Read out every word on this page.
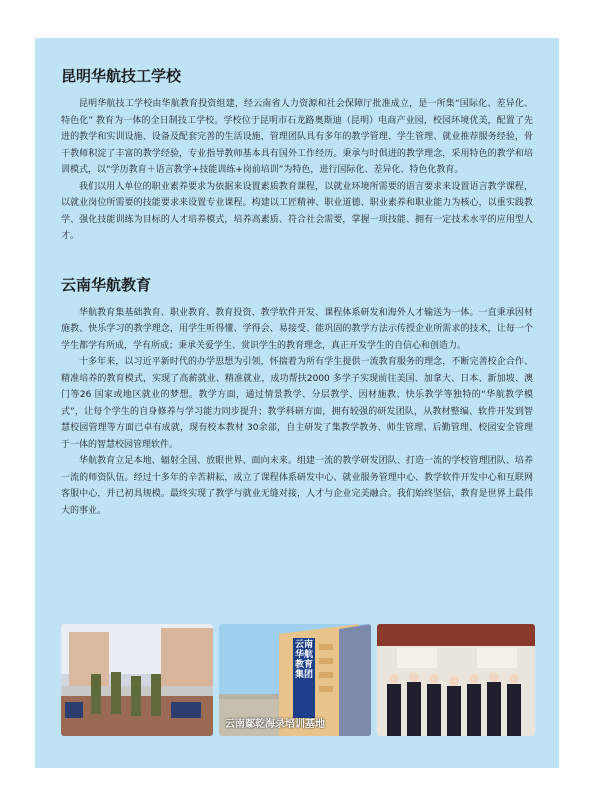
昆明华航技工学校

昆明华航技工学校由华航教育投资组建，经云南省人力资源和社会保障厅批准成立，是一所集“国际化、差异化、特色化” 教育为一体的全日制技工学校。学校位于昆明市石龙路奥斯迪（昆明）电商产业园，校园环境优美，配置了先进的教学和实训设施、设备及配套完善的生活设施，管理团队具有多年的教学管理、学生管理、就业推荐服务经验，骨干教师积淀了丰富的教学经验，专业指导教师基本具有国外工作经历。秉承与时俱进的教学理念，采用特色的教学和培训模式，以“学历教育＋语言教学+技能训练+岗前培训”为特色，进行国际化、差异化、特色化教育。

我们以用人单位的职业素养要求为依据来设置素质教育课程，以就业环境所需要的语言要求来设置语言教学课程，以就业岗位所需要的技能要求来设置专业课程。构建以工匠精神、职业道德、职业素养和职业能力为核心，以重实践教学、强化技能训练为目标的人才培养模式，培养高素质、符合社会需要，掌握一项技能、拥有一定技术水平的应用型人才。

云南华航教育

华航教育集基础教育、职业教育、教育投资、教学软件开发、课程体系研发和海外人才输送为一体。一直秉承因材施教、快乐学习的教学理念，用学生听得懂、学得会、易接受、能巩固的教学方法示传授企业所需求的技术，让每一个学生都学有所成，学有所成；秉承关爱学生、赏识学生的教育理念，真正开发学生的自信心和创造力。

十多年来，以习近平新时代的办学思想为引领，怀揣着为所有学生提供一流教育服务的理念，不断完善校企合作、精准培养的教育模式，实现了高薪就业、精准就业，成功帮扶2000 多学子实现前往美国、加拿大、日本、新加坡、澳门等26 国家或地区就业的梦想。教学方面，通过情景教学、分层教学、因材施教、快乐教学等独特的“华航教学模式”，让每个学生的自身修养与学习能力同步提升；教学科研方面，拥有较强的研发团队，从教材整编、软件开发到智慧校园管理等方面已卓有成就，现有校本教材 30余部，自主研发了集教学教务、师生管理、后勤管理、校园安全管理于一体的智慧校园管理软件。

华航教育立足本地、辐射全国、放眼世界、面向未来。组建一流的教学研发团队、打造一流的学校管理团队、培养一流的师资队伍。经过十多年的辛苦耕耘，成立了课程体系研发中心、就业服务管理中心、教学软件开发中心和互联网客服中心，并已初具规模。最终实现了教学与就业无缝对接，人才与企业完美融合。我们始终坚信，教育是世界上最伟大的事业。

云南华航教育集团
云南鄢乾海录培训基地
